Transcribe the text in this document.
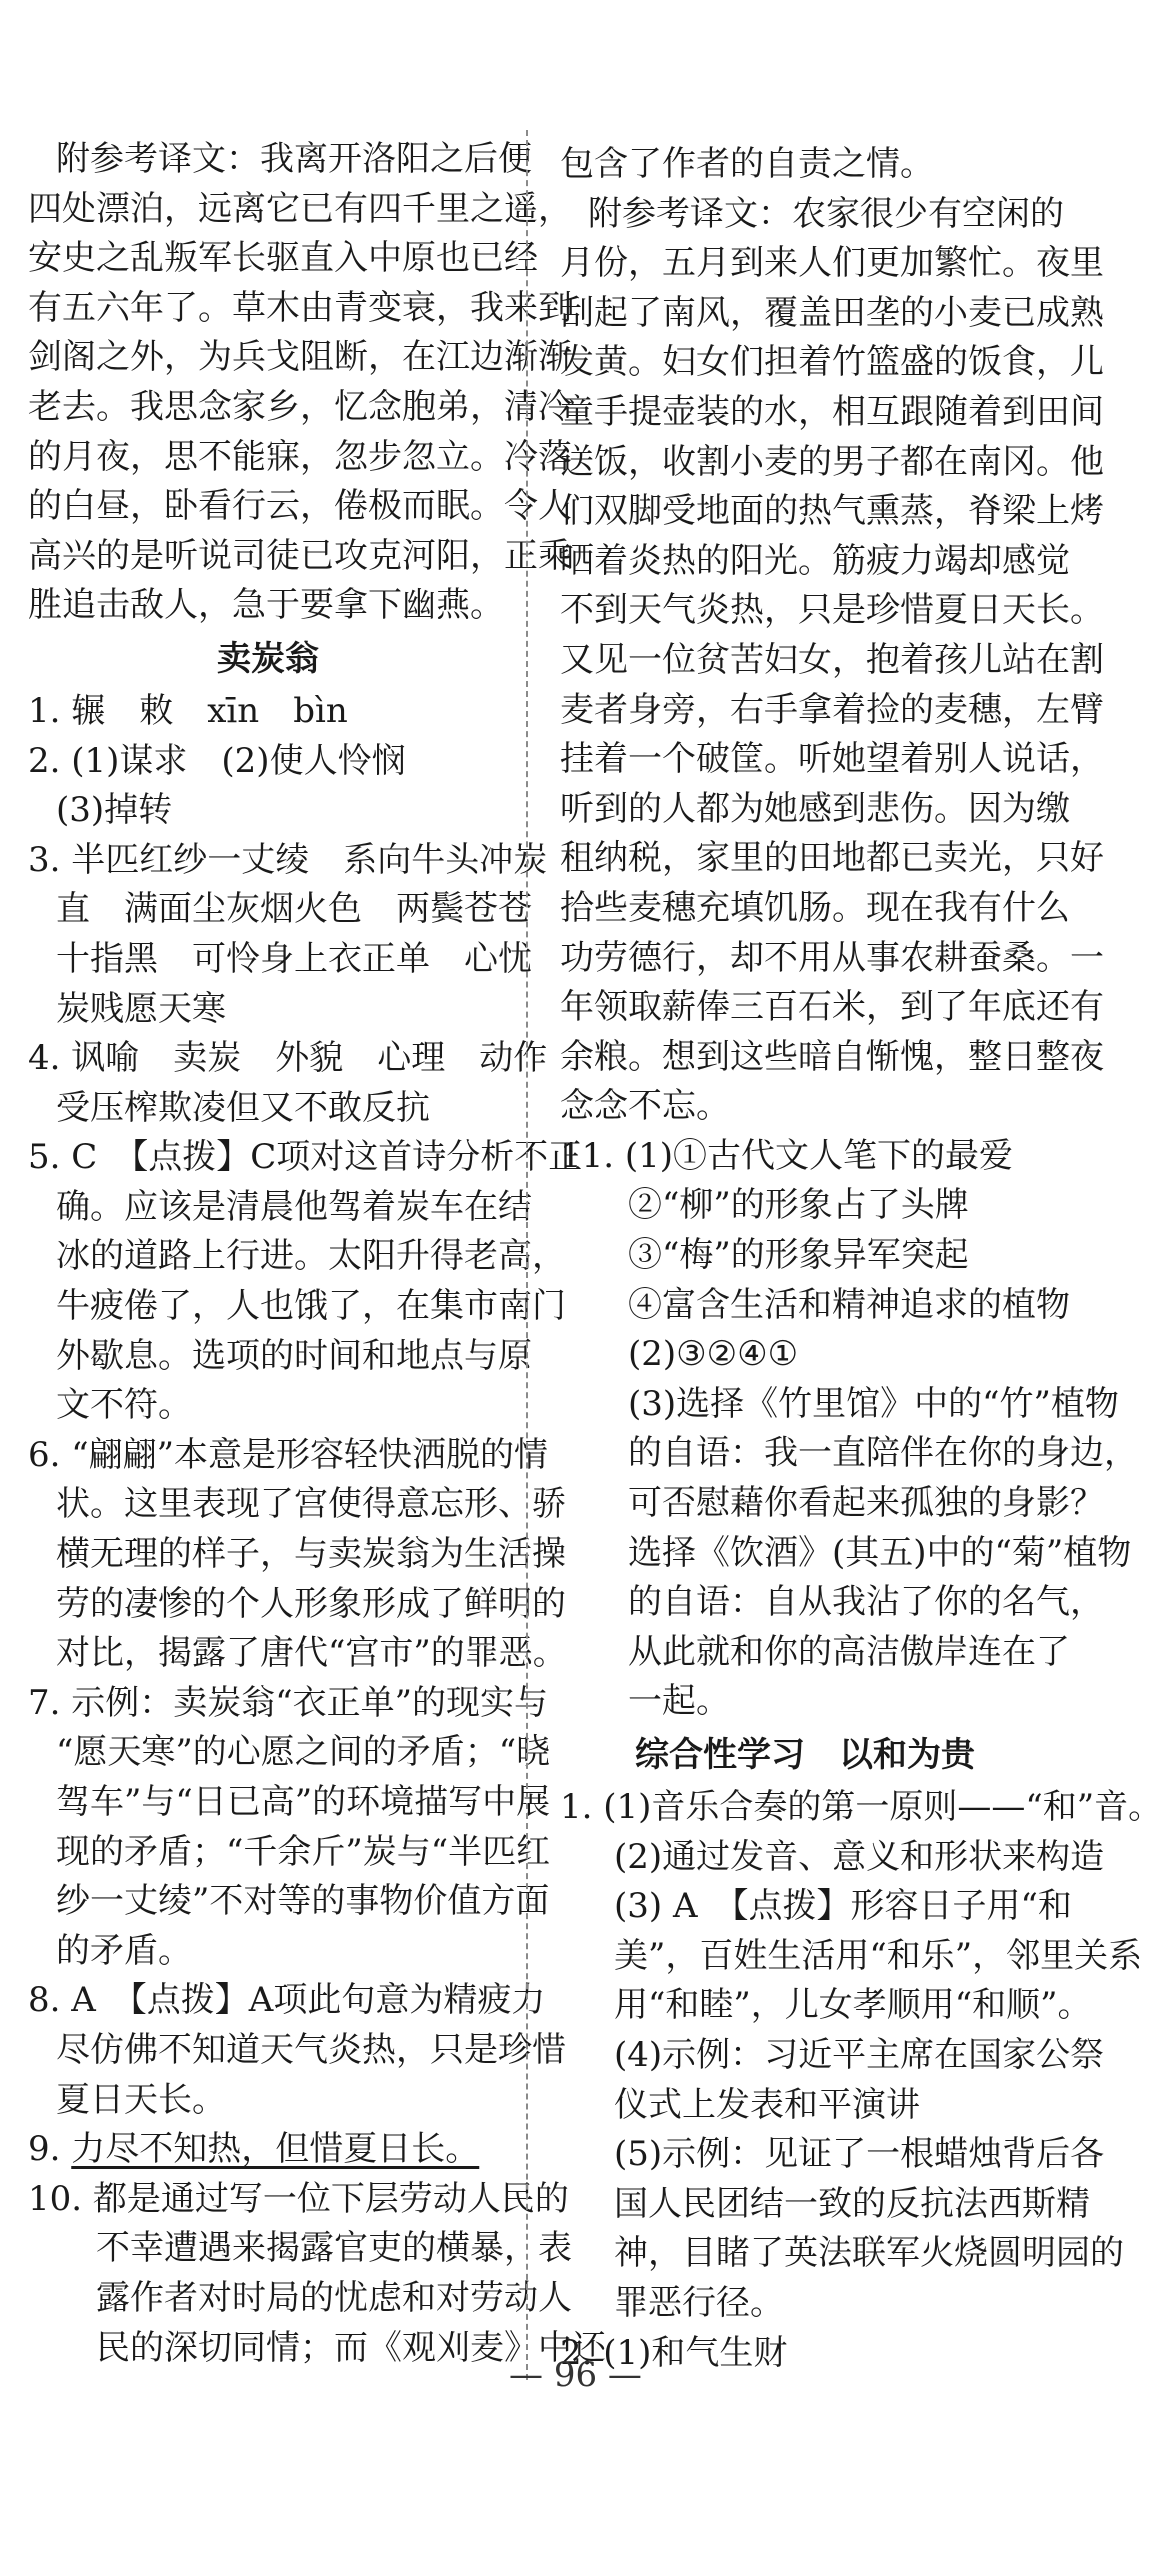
附参考译文：我离开洛阳之后便
四处漂泊，远离它已有四千里之遥，
安史之乱叛军长驱直入中原也已经
有五六年了。草木由青变衰，我来到
剑阁之外，为兵戈阻断，在江边渐渐
老去。我思念家乡，忆念胞弟，清冷
的月夜，思不能寐，忽步忽立。冷落
的白昼，卧看行云，倦极而眠。令人
高兴的是听说司徒已攻克河阳，正乘
胜追击敌人，急于要拿下幽燕。
卖炭翁
1. 辗　敕　xīn　bìn
2. (1)谋求　(2)使人怜悯
(3)掉转
3. 半匹红纱一丈绫　系向牛头冲炭
直　满面尘灰烟火色　两鬓苍苍
十指黑　可怜身上衣正单　心忧
炭贱愿天寒
4. 讽喻　卖炭　外貌　心理　动作
受压榨欺凌但又不敢反抗
5. C　【点拨】C项对这首诗分析不正
确。应该是清晨他驾着炭车在结
冰的道路上行进。太阳升得老高，
牛疲倦了，人也饿了，在集市南门
外歇息。选项的时间和地点与原
文不符。
6. “翩翩”本意是形容轻快洒脱的情
状。这里表现了宫使得意忘形、骄
横无理的样子，与卖炭翁为生活操
劳的凄惨的个人形象形成了鲜明的
对比，揭露了唐代“宫市”的罪恶。
7. 示例：卖炭翁“衣正单”的现实与
“愿天寒”的心愿之间的矛盾；“晓
驾车”与“日已高”的环境描写中展
现的矛盾；“千余斤”炭与“半匹红
纱一丈绫”不对等的事物价值方面
的矛盾。
8. A　【点拨】A项此句意为精疲力
尽仿佛不知道天气炎热，只是珍惜
夏日天长。
9. 力尽不知热，但惜夏日长。
10. 都是通过写一位下层劳动人民的
不幸遭遇来揭露官吏的横暴，表
露作者对时局的忧虑和对劳动人
民的深切同情；而《观刈麦》中还
包含了作者的自责之情。
附参考译文：农家很少有空闲的
月份，五月到来人们更加繁忙。夜里
刮起了南风，覆盖田垄的小麦已成熟
发黄。妇女们担着竹篮盛的饭食，儿
童手提壶装的水，相互跟随着到田间
送饭，收割小麦的男子都在南冈。他
们双脚受地面的热气熏蒸，脊梁上烤
晒着炎热的阳光。筋疲力竭却感觉
不到天气炎热，只是珍惜夏日天长。
又见一位贫苦妇女，抱着孩儿站在割
麦者身旁，右手拿着捡的麦穗，左臂
挂着一个破筐。听她望着别人说话，
听到的人都为她感到悲伤。因为缴
租纳税，家里的田地都已卖光，只好
拾些麦穗充填饥肠。现在我有什么
功劳德行，却不用从事农耕蚕桑。一
年领取薪俸三百石米，到了年底还有
余粮。想到这些暗自惭愧，整日整夜
念念不忘。
11. (1)①古代文人笔下的最爱
②“柳”的形象占了头牌
③“梅”的形象异军突起
④富含生活和精神追求的植物
(2)③②④①
(3)选择《竹里馆》中的“竹”植物
的自语：我一直陪伴在你的身边，
可否慰藉你看起来孤独的身影？
选择《饮酒》(其五)中的“菊”植物
的自语：自从我沾了你的名气，
从此就和你的高洁傲岸连在了
一起。
综合性学习　以和为贵
1. (1)音乐合奏的第一原则——“和”音。
(2)通过发音、意义和形状来构造
(3) A　【点拨】形容日子用“和
美”，百姓生活用“和乐”，邻里关系
用“和睦”，儿女孝顺用“和顺”。
(4)示例：习近平主席在国家公祭
仪式上发表和平演讲
(5)示例：见证了一根蜡烛背后各
国人民团结一致的反抗法西斯精
神，目睹了英法联军火烧圆明园的
罪恶行径。
2. (1)和气生财
— 96 —
